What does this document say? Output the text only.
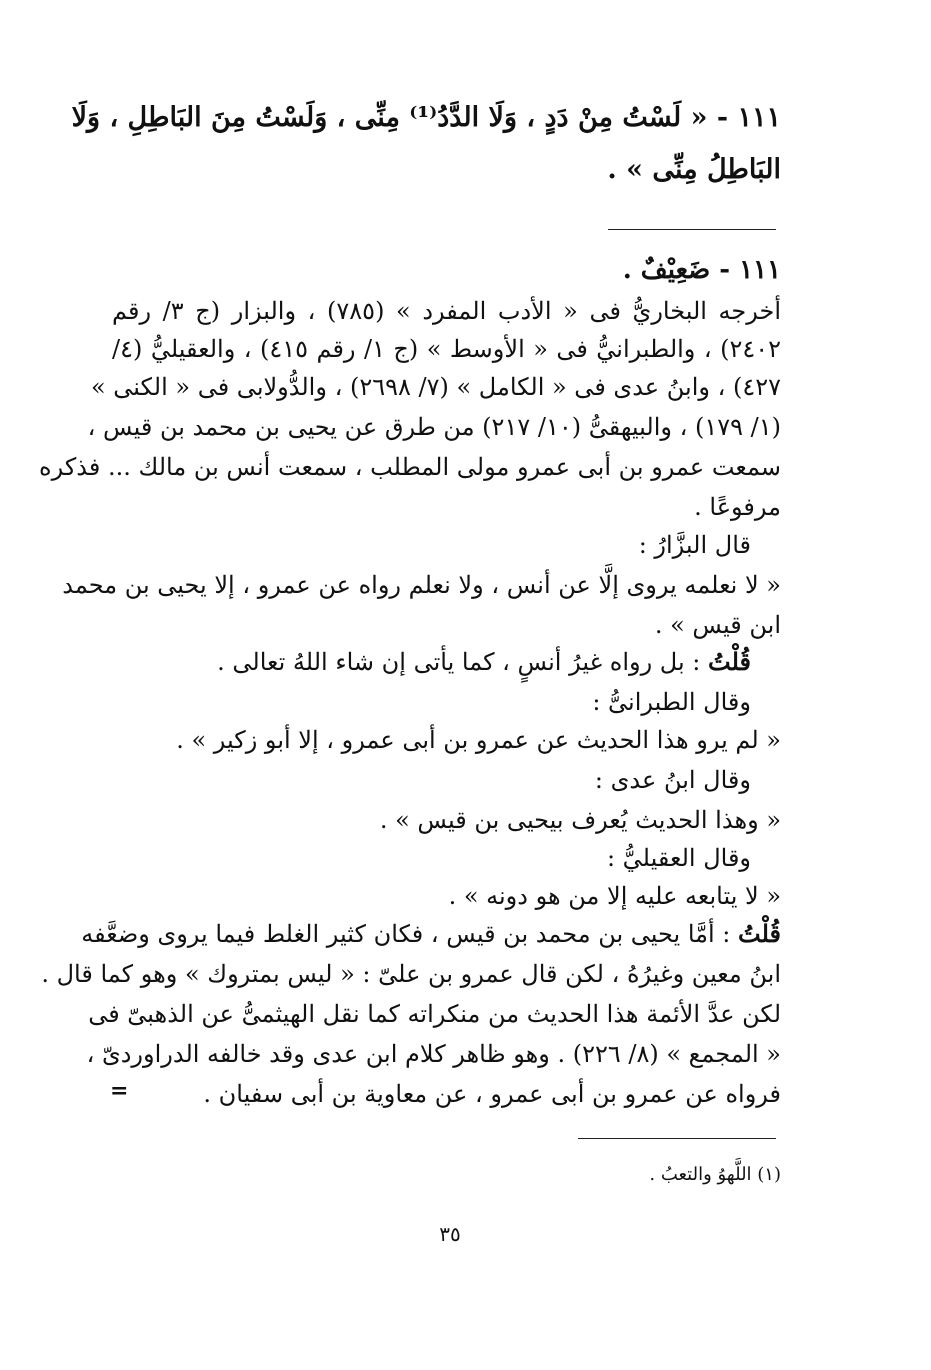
١١١ - « لَسْتُ مِنْ دَدٍ ، وَلَا الدَّدُ⁽¹⁾ مِنِّى ، وَلَسْتُ مِنَ البَاطِلِ ، وَلَا
البَاطِلُ مِنِّى » .
١١١ - ضَعِيْفٌ .
أخرجه البخاريُّ فى « الأدب المفرد » (٧٨٥) ، والبزار (ج ٣/ رقم
٢٤٠٢) ، والطبرانيُّ فى « الأوسط » (ج ١/ رقم ٤١٥) ، والعقيليُّ (٤/
٤٢٧) ، وابنُ عدى فى « الكامل » (٧/ ٢٦٩٨) ، والدُّولابى فى « الكنى »
(١/ ١٧٩) ، والبيهقىُّ (١٠/ ٢١٧) من طرق عن يحيى بن محمد بن قيس ،
سمعت عمرو بن أبى عمرو مولى المطلب ، سمعت أنس بن مالك ... فذكره
مرفوعًا .
قال البزَّارُ :
« لا نعلمه يروى إلَّا عن أنس ، ولا نعلم رواه عن عمرو ، إلا يحيى بن محمد
ابن قيس » .
قُلْتُ : بل رواه غيرُ أنسٍ ، كما يأتى إن شاء اللهُ تعالى .
وقال الطبرانىُّ :
« لم يرو هذا الحديث عن عمرو بن أبى عمرو ، إلا أبو زكير » .
وقال ابنُ عدى :
« وهذا الحديث يُعرف بيحيى بن قيس » .
وقال العقيليُّ :
« لا يتابعه عليه إلا من هو دونه » .
قُلْتُ : أمَّا يحيى بن محمد بن قيس ، فكان كثير الغلط فيما يروى وضعَّفه
ابنُ معين وغيرُهُ ، لكن قال عمرو بن علىّ : « ليس بمتروك » وهو كما قال .
لكن عدَّ الأئمة هذا الحديث من منكراته كما نقل الهيثمىُّ عن الذهبىّ فى
« المجمع » (٨/ ٢٢٦) . وهو ظاهر كلام ابن عدى وقد خالفه الدراوردىّ ،
فرواه عن عمرو بن أبى عمرو ، عن معاوية بن أبى سفيان .
=
(١) اللَّهوُ والتعبُ .
٣٥
